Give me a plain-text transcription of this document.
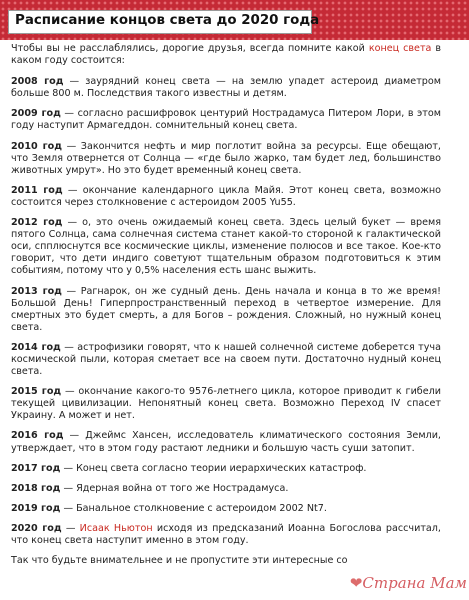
Расписание концов света до 2020 года

Чтобы вы не расслаблялись, дорогие друзья, всегда помните какой конец света в каком году состоится:

2008 год — заурядний конец света — на землю упадет астероид диаметром больше 800 м. Последствия такого известны и детям.

2009 год — согласно расшифровок центурий Нострадамуса Питером Лори, в этом году наступит Армагеддон. сомнительный конец света.

2010 год — Закончится нефть и мир поглотит война за ресурсы. Еще обещают, что Земля отвернется от Солнца — «где было жарко, там будет лед, большинство животных умрут». Но это будет временный конец света.

2011 год — окончание календарного цикла Майя. Этот конец света, возможно состоится через столкновение с астероидом 2005 Yu55.

2012 год — о, это очень ожидаемый конец света. Здесь целый букет — время пятого Солнца, сама солнечная система станет какой-то стороной к галактической оси, спплюснутся все космические циклы, изменение полюсов и все такое. Кое-кто говорит, что дети индиго советуют тщательным образом подготовиться к этим событиям, потому что у 0,5% населения есть шанс выжить.

2013 год — Рагнарок, он же судный день. День начала и конца в то же время! Большой День! Гиперпространственный переход в четвертое измерение. Для смертных это будет смерть, а для Богов – рождения. Сложный, но нужный конец света.

2014 год — астрофизики говорят, что к нашей солнечной системе доберется туча космической пыли, которая сметает все на своем пути. Достаточно нудный конец света.

2015 год — окончание какого-то 9576-летнего цикла, которое приводит к гибели текущей цивилизации. Непонятный конец света. Возможно Переход IV спасет Украину. А может и нет.

2016 год — Джеймс Хансен, исследователь климатического состояния Земли, утверждает, что в этом году растают ледники и большую часть суши затопит.

2017 год — Конец света согласно теории иерархических катастроф.

2018 год — Ядерная война от того же Нострадамуса.

2019 год — Банальное столкновение с астероидом 2002 Nt7.

2020 год — Исаак Ньютон исходя из предсказаний Иоанна Богослова рассчитал, что конец света наступит именно в этом году.

Так что будьте внимательнее и не пропустите эти интересные со

❤Страна Мам
